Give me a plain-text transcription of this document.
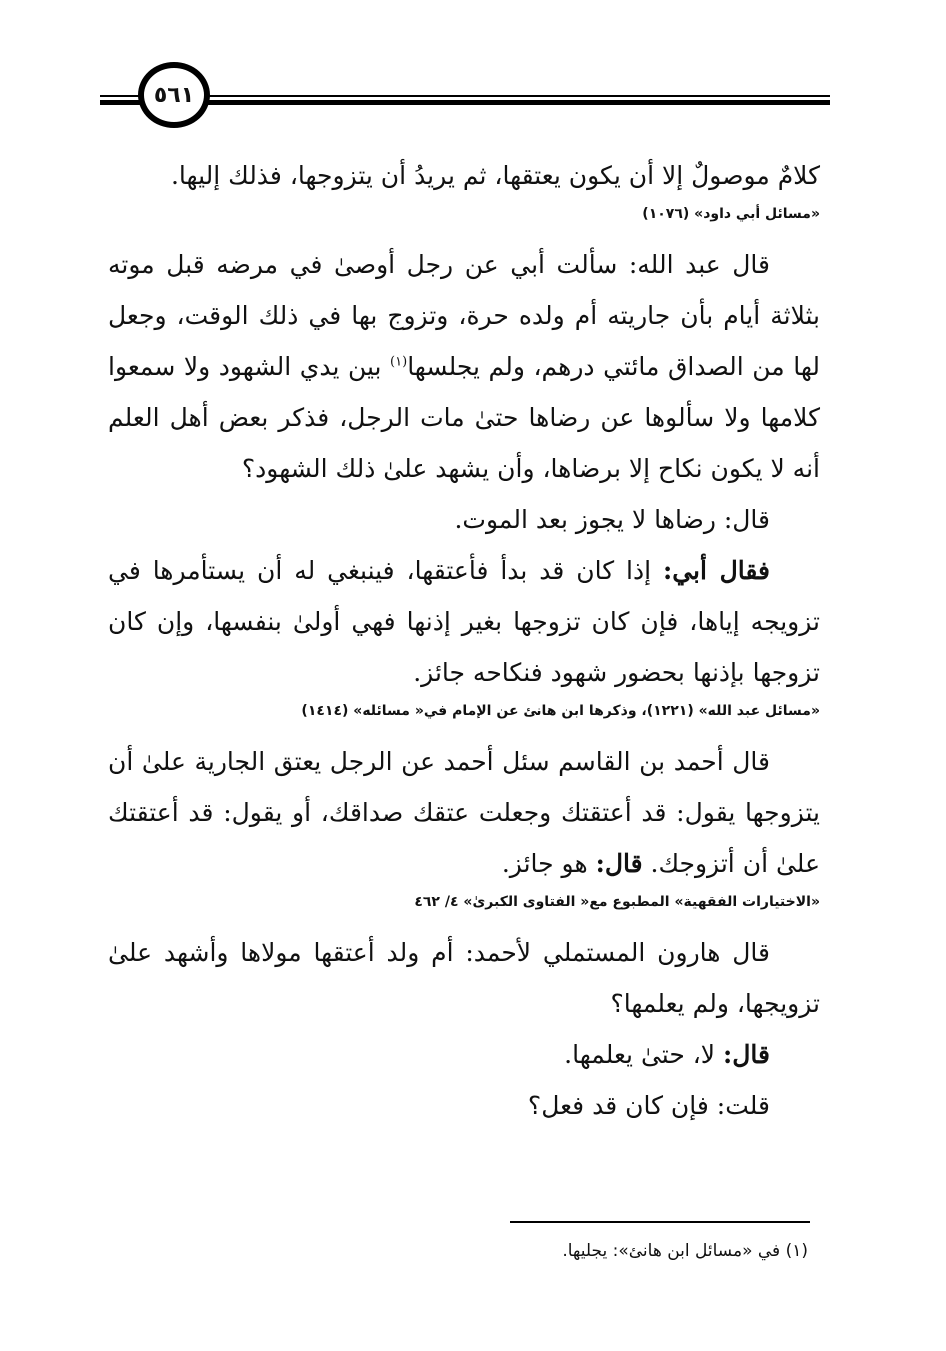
٥٦١

كلامٌ موصولٌ إلا أن يكون يعتقها، ثم يريدُ أن يتزوجها، فذلك إليها.

«مسائل أبي داود» (١٠٧٦)

قال عبد الله: سألت أبي عن رجل أوصىٰ في مرضه قبل موته بثلاثة أيام بأن جاريته أم ولده حرة، وتزوج بها في ذلك الوقت، وجعل لها من الصداق مائتي درهم، ولم يجلسها$^{(١)}$ بين يدي الشهود ولا سمعوا كلامها ولا سألوها عن رضاها حتىٰ مات الرجل، فذكر بعض أهل العلم أنه لا يكون نكاح إلا برضاها، وأن يشهد علىٰ ذلك الشهود؟

قال: رضاها لا يجوز بعد الموت.

فقال أبي: إذا كان قد بدأ فأعتقها، فينبغي له أن يستأمرها في تزويجه إياها، فإن كان تزوجها بغير إذنها فهي أولىٰ بنفسها، وإن كان تزوجها بإذنها بحضور شهود فنكاحه جائز.

«مسائل عبد الله» (١٢٢١)، وذكرها ابن هانئ عن الإمام في« مسائله» (١٤١٤)

قال أحمد بن القاسم سئل أحمد عن الرجل يعتق الجارية علىٰ أن يتزوجها يقول: قد أعتقتك وجعلت عتقك صداقك، أو يقول: قد أعتقتك علىٰ أن أتزوجك. قال: هو جائز.

«الاختيارات الفقهية» المطبوع مع« الفتاوى الكبرىٰ» ٤/ ٤٦٢

قال هارون المستملي لأحمد: أم ولد أعتقها مولاها وأشهد علىٰ تزويجها، ولم يعلمها؟

قال: لا، حتىٰ يعلمها.

قلت: فإن كان قد فعل؟

(١) في «مسائل ابن هانئ»: يجليها.
